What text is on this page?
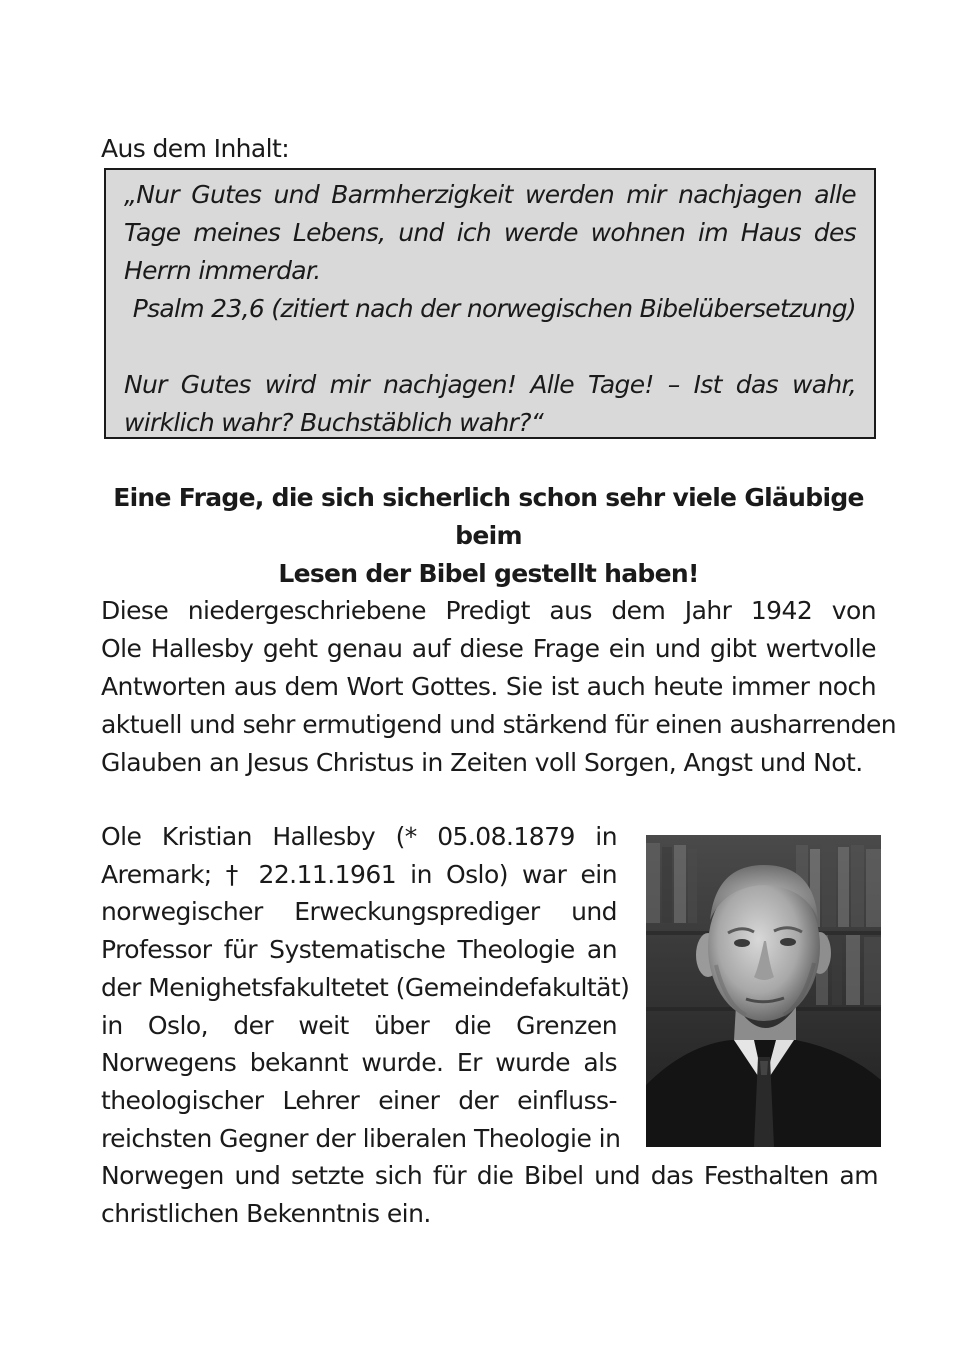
Aus dem Inhalt:

„Nur Gutes und Barmherzigkeit werden mir nachjagen alle Tage meines Lebens, und ich werde wohnen im Haus des Herrn immerdar.

Psalm 23,6 (zitiert nach der norwegischen Bibelübersetzung)

Nur Gutes wird mir nachjagen! Alle Tage! – Ist das wahr, wirklich wahr? Buchstäblich wahr?“

Eine Frage, die sich sicherlich schon sehr viele Gläubige beim

Lesen der Bibel gestellt haben!

Diese niedergeschriebene Predigt aus dem Jahr 1942 von
Ole Hallesby geht genau auf diese Frage ein und gibt wertvolle
Antworten aus dem Wort Gottes. Sie ist auch heute immer noch
aktuell und sehr ermutigend und stärkend für einen ausharrenden
Glauben an Jesus Christus in Zeiten voll Sorgen, Angst und Not.
Ole Kristian Hallesby (* 05.08.1879 in
Aremark; † 22.11.1961 in Oslo) war ein
norwegischer Erweckungsprediger und
Professor für Systematische Theologie an
der Menighetsfakultetet (Gemeindefakultät)
in Oslo, der weit über die Grenzen
Norwegens bekannt wurde. Er wurde als
theologischer Lehrer einer der einfluss-
reichsten Gegner der liberalen Theologie in
Norwegen und setzte sich für die Bibel und das Festhalten am
christlichen Bekenntnis ein.
